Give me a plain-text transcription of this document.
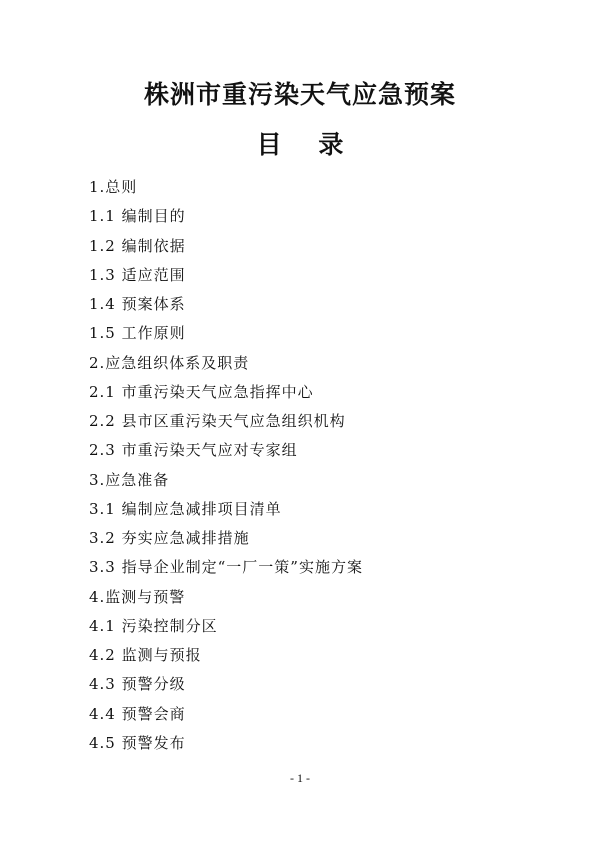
株洲市重污染天气应急预案
目 录
1.总则
1.1 编制目的
1.2 编制依据
1.3 适应范围
1.4 预案体系
1.5 工作原则
2.应急组织体系及职责
2.1 市重污染天气应急指挥中心
2.2 县市区重污染天气应急组织机构
2.3 市重污染天气应对专家组
3.应急准备
3.1 编制应急减排项目清单
3.2 夯实应急减排措施
3.3 指导企业制定“一厂一策”实施方案
4.监测与预警
4.1 污染控制分区
4.2 监测与预报
4.3 预警分级
4.4 预警会商
4.5 预警发布
- 1 -
